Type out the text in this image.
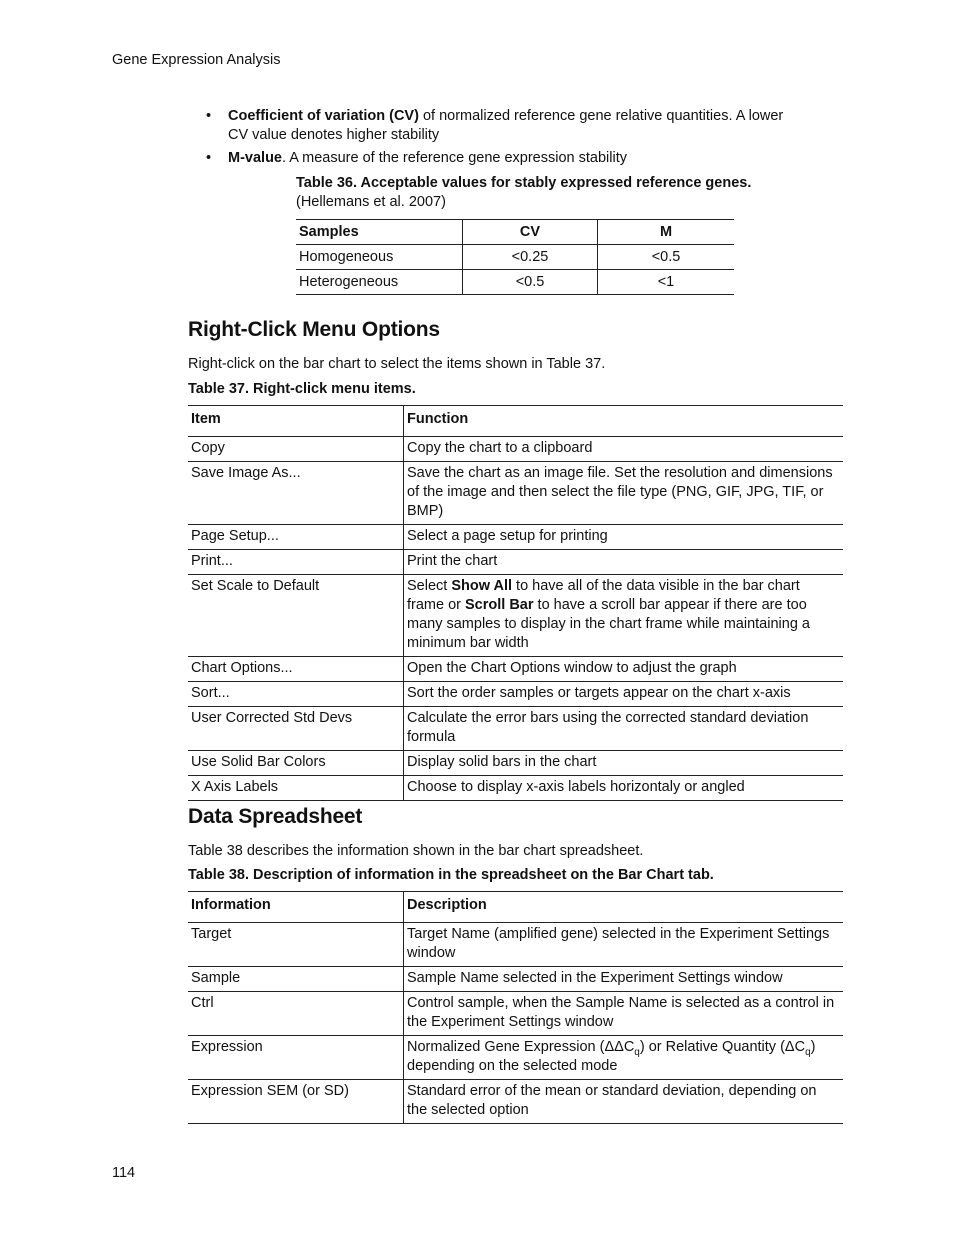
Gene Expression Analysis
• Coefficient of variation (CV) of normalized reference gene relative quantities. A lower CV value denotes higher stability
• M-value. A measure of the reference gene expression stability
Table 36. Acceptable values for stably expressed reference genes.
(Hellemans et al. 2007)
Samples	CV	M
Homogeneous	<0.25	<0.5
Heterogeneous	<0.5	<1
Right-Click Menu Options
Right-click on the bar chart to select the items shown in Table 37.
Table 37. Right-click menu items.
Item	Function
Copy	Copy the chart to a clipboard
Save Image As...	Save the chart as an image file. Set the resolution and dimensions of the image and then select the file type (PNG, GIF, JPG, TIF, or BMP)
Page Setup...	Select a page setup for printing
Print...	Print the chart
Set Scale to Default	Select Show All to have all of the data visible in the bar chart frame or Scroll Bar to have a scroll bar appear if there are too many samples to display in the chart frame while maintaining a minimum bar width
Chart Options...	Open the Chart Options window to adjust the graph
Sort...	Sort the order samples or targets appear on the chart x-axis
User Corrected Std Devs	Calculate the error bars using the corrected standard deviation formula
Use Solid Bar Colors	Display solid bars in the chart
X Axis Labels	Choose to display x-axis labels horizontaly or angled
Data Spreadsheet
Table 38 describes the information shown in the bar chart spreadsheet.
Table 38. Description of information in the spreadsheet on the Bar Chart tab.
Information	Description
Target	Target Name (amplified gene) selected in the Experiment Settings window
Sample	Sample Name selected in the Experiment Settings window
Ctrl	Control sample, when the Sample Name is selected as a control in the Experiment Settings window
Expression	Normalized Gene Expression $(\Delta\Delta C_q)$ or Relative Quantity $(\Delta C_q)$ depending on the selected mode
Expression SEM (or SD)	Standard error of the mean or standard deviation, depending on the selected option
114
